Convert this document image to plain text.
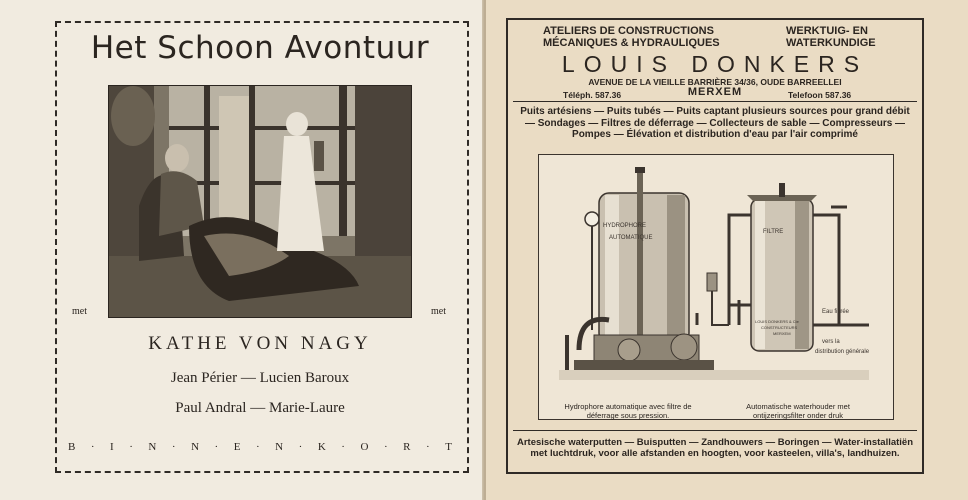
Het Schoon Avontuur
met	met
KATHE VON NAGY
Jean Périer — Lucien Baroux
Paul Andral — Marie-Laure
B · I · N · N · E · N · K · O · R · T
ATELIERS DE CONSTRUCTIONS
MÉCANIQUES & HYDRAULIQUES
WERKTUIG- EN
WATERKUNDIGE
LOUIS DONKERS
AVENUE DE LA VIEILLE BARRIÈRE 34/36, OUDE BARREELLEI
Téléph. 587.36	MERXEM	Telefoon 587.36
Puits artésiens — Puits tubés — Puits captant plusieurs sources pour grand débit — Sondages — Filtres de déferrage — Collecteurs de sable — Compresseurs — Pompes — Élévation et distribution d'eau par l'air comprimé
HYDROPHORE
AUTOMATIQUE
FILTRE
LOUIS DONKERS & Cie
CONSTRUCTEURS
MERXEM
Eau filtrée
vers la
distribution générale
Hydrophore automatique avec filtre de déferrage sous pression.
Automatische waterhouder met ontijzeringsfilter onder druk
Artesische waterputten — Buisputten — Zandhouwers — Boringen — Water-installatiën met luchtdruk, voor alle afstanden en hoogten, voor kasteelen, villa's, landhuizen.
